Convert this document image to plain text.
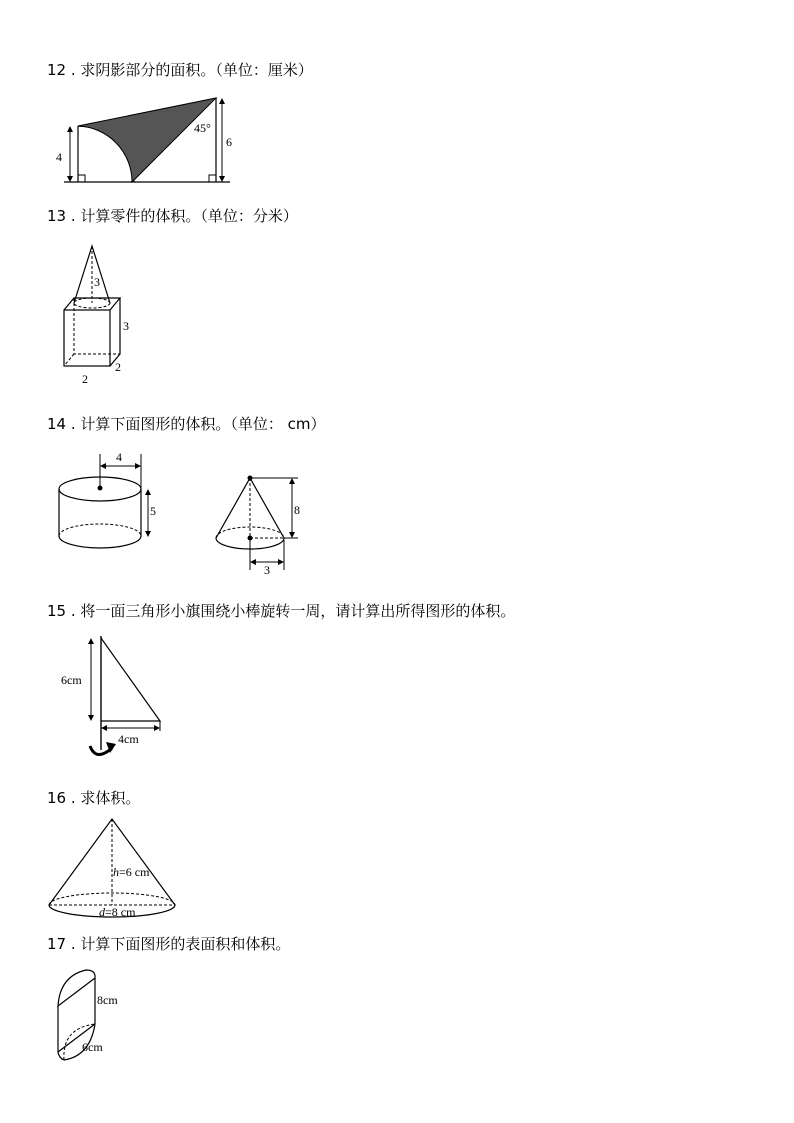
12 . 求阴影部分的面积。（单位：厘米）
4
6
45°
13 . 计算零件的体积。（单位：分米）
3
3
2
2
14 . 计算下面图形的体积。（单位： cm）
4
5	8
3
15 . 将一面三角形小旗围绕小棒旋转一周，请计算出所得图形的体积。
6cm
4cm
16 . 求体积。
h=6 cm
d=8 cm
17 . 计算下面图形的表面积和体积。
8cm
6cm
